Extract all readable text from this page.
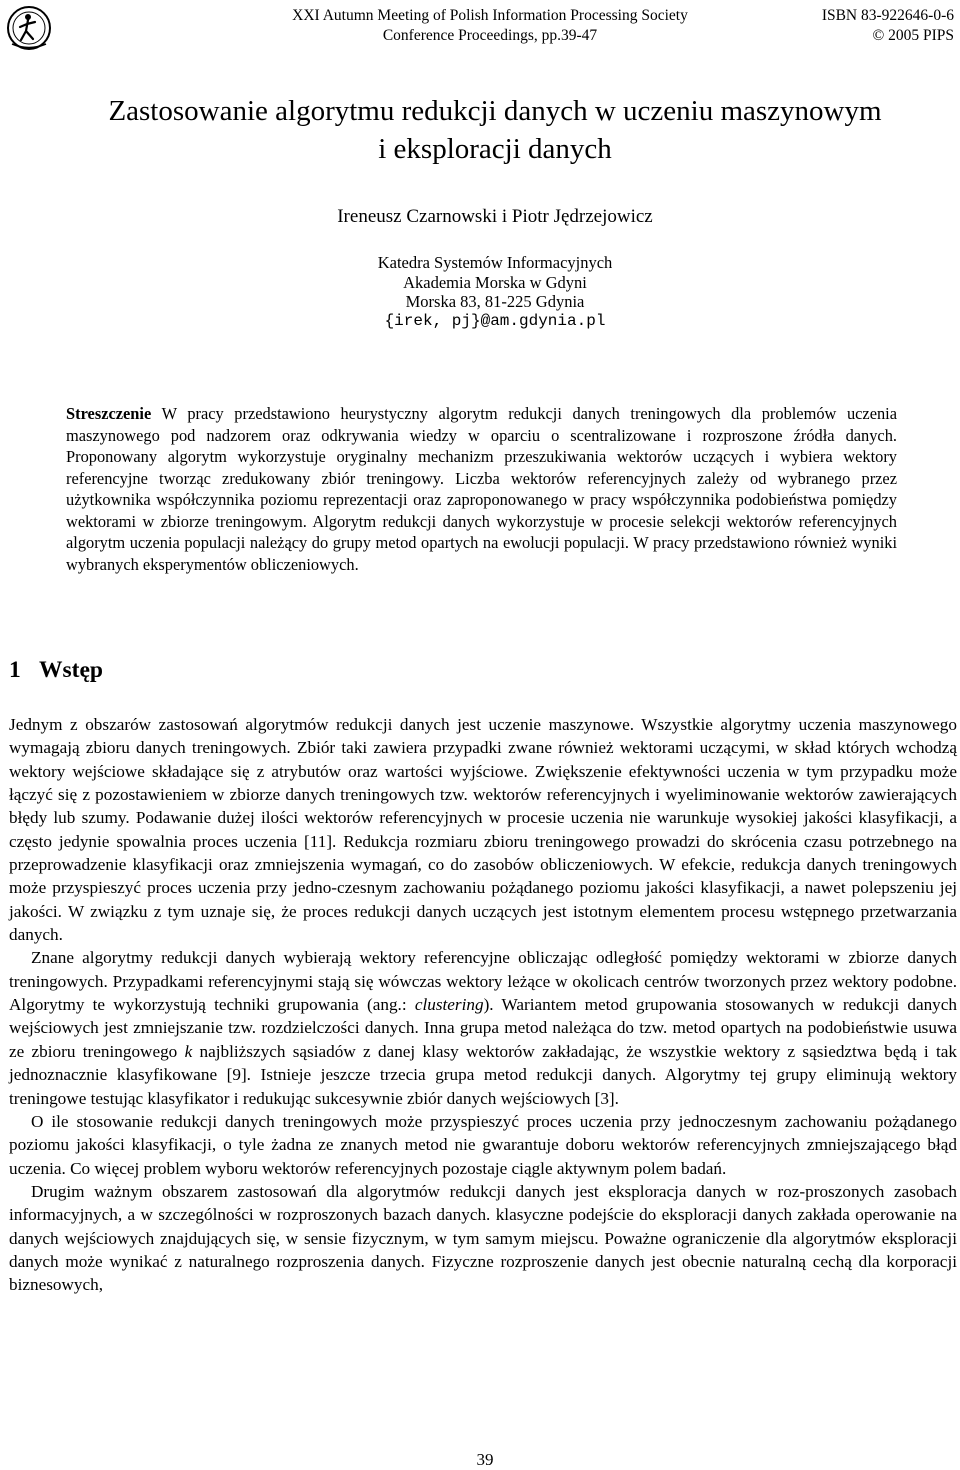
XXI Autumn Meeting of Polish Information Processing Society
Conference Proceedings, pp.39-47
ISBN 83-922646-0-6
© 2005 PIPS
Zastosowanie algorytmu redukcji danych w uczeniu maszynowym
i eksploracji danych
Ireneusz Czarnowski i Piotr Jędrzejowicz
Katedra Systemów Informacyjnych
Akademia Morska w Gdyni
Morska 83, 81-225 Gdynia
{irek, pj}@am.gdynia.pl
Streszczenie W pracy przedstawiono heurystyczny algorytm redukcji danych treningowych dla problemów uczenia maszynowego pod nadzorem oraz odkrywania wiedzy w oparciu o scentralizowane i rozproszone źródła danych. Proponowany algorytm wykorzystuje oryginalny mechanizm przeszukiwania wektorów uczących i wybiera wektory referencyjne tworząc zredukowany zbiór treningowy. Liczba wektorów referencyjnych zależy od wybranego przez użytkownika współczynnika poziomu reprezentacji oraz zaproponowanego w pracy współczynnika podobieństwa pomiędzy wektorami w zbiorze treningowym. Algorytm redukcji danych wykorzystuje w procesie selekcji wektorów referencyjnych algorytm uczenia populacji należący do grupy metod opartych na ewolucji populacji. W pracy przedstawiono również wyniki wybranych eksperymentów obliczeniowych.
1 Wstęp

Jednym z obszarów zastosowań algorytmów redukcji danych jest uczenie maszynowe. Wszystkie algorytmy uczenia maszynowego wymagają zbioru danych treningowych. Zbiór taki zawiera przypadki zwane również wektorami uczącymi, w skład których wchodzą wektory wejściowe składające się z atrybutów oraz wartości wyjściowe. Zwiększenie efektywności uczenia w tym przypadku może łączyć się z pozostawieniem w zbiorze danych treningowych tzw. wektorów referencyjnych i wyeliminowanie wektorów zawierających błędy lub szumy. Podawanie dużej ilości wektorów referencyjnych w procesie uczenia nie warunkuje wysokiej jakości klasyfikacji, a często jedynie spowalnia proces uczenia [11]. Redukcja rozmiaru zbioru treningowego prowadzi do skrócenia czasu potrzebnego na przeprowadzenie klasyfikacji oraz zmniejszenia wymagań, co do zasobów obliczeniowych. W efekcie, redukcja danych treningowych może przyspieszyć proces uczenia przy jedno-czesnym zachowaniu pożądanego poziomu jakości klasyfikacji, a nawet polepszeniu jej jakości. W związku z tym uznaje się, że proces redukcji danych uczących jest istotnym elementem procesu wstępnego przetwarzania danych.

Znane algorytmy redukcji danych wybierają wektory referencyjne obliczając odległość pomiędzy wektorami w zbiorze danych treningowych. Przypadkami referencyjnymi stają się wówczas wektory leżące w okolicach centrów tworzonych przez wektory podobne. Algorytmy te wykorzystują techniki grupowania (ang.: clustering). Wariantem metod grupowania stosowanych w redukcji danych wejściowych jest zmniejszanie tzw. rozdzielczości danych. Inna grupa metod należąca do tzw. metod opartych na podobieństwie usuwa ze zbioru treningowego k najbliższych sąsiadów z danej klasy wektorów zakładając, że wszystkie wektory z sąsiedztwa będą i tak jednoznacznie klasyfikowane [9]. Istnieje jeszcze trzecia grupa metod redukcji danych. Algorytmy tej grupy eliminują wektory treningowe testując klasyfikator i redukując sukcesywnie zbiór danych wejściowych [3].

O ile stosowanie redukcji danych treningowych może przyspieszyć proces uczenia przy jednoczesnym zachowaniu pożądanego poziomu jakości klasyfikacji, o tyle żadna ze znanych metod nie gwarantuje doboru wektorów referencyjnych zmniejszającego błąd uczenia. Co więcej problem wyboru wektorów referencyjnych pozostaje ciągle aktywnym polem badań.

Drugim ważnym obszarem zastosowań dla algorytmów redukcji danych jest eksploracja danych w roz-proszonych zasobach informacyjnych, a w szczególności w rozproszonych bazach danych. klasyczne podejście do eksploracji danych zakłada operowanie na danych wejściowych znajdujących się, w sensie fizycznym, w tym samym miejscu. Poważne ograniczenie dla algorytmów eksploracji danych może wynikać z naturalnego rozproszenia danych. Fizyczne rozproszenie danych jest obecnie naturalną cechą dla korporacji biznesowych,

39
